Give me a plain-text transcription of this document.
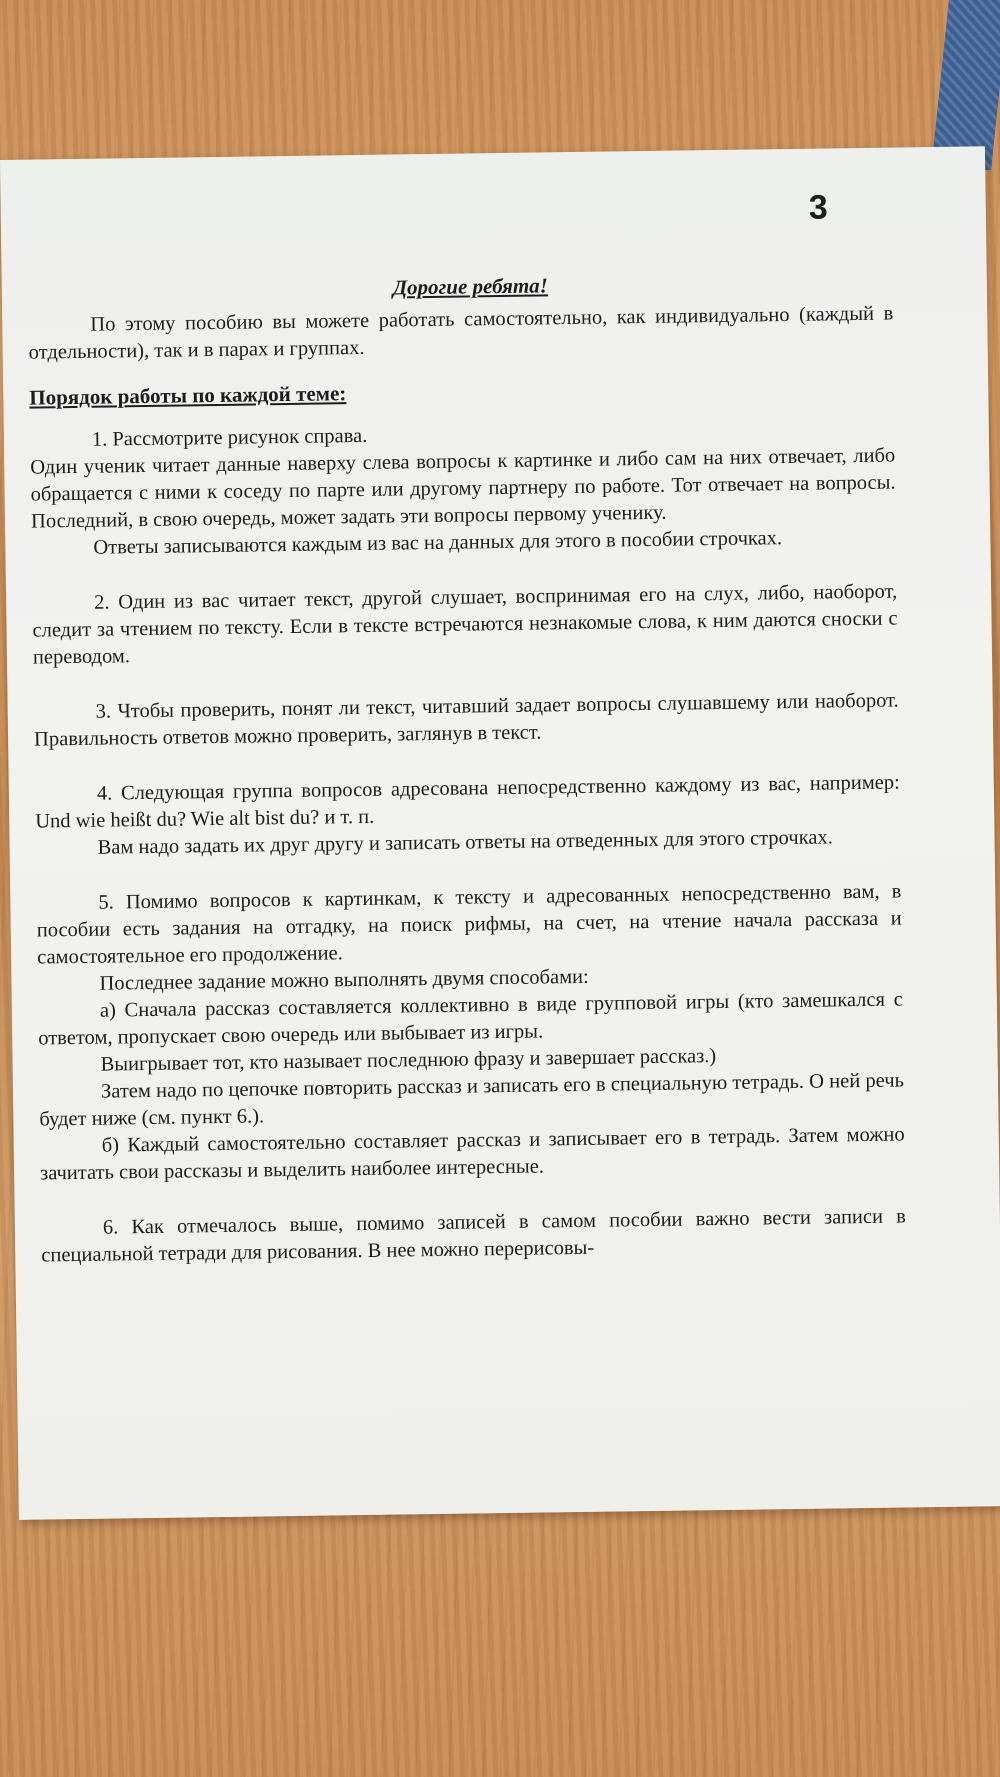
3

Дорогие ребята!

По этому пособию вы можете работать самостоятельно, как индивидуально (каждый в отдельности), так и в парах и группах.

Порядок работы по каждой теме:

1. Рассмотрите рисунок справа.

Один ученик читает данные наверху слева вопросы к картинке и либо сам на них отвечает, либо обращается с ними к соседу по парте или другому партнеру по работе. Тот отвечает на вопросы. Последний, в свою очередь, может задать эти вопросы первому ученику.

Ответы записываются каждым из вас на данных для этого в пособии строчках.

2. Один из вас читает текст, другой слушает, воспринимая его на слух, либо, наоборот, следит за чтением по тексту. Если в тексте встречаются незнакомые слова, к ним даются сноски с переводом.

3. Чтобы проверить, понят ли текст, читавший задает вопросы слушавшему или наоборот. Правильность ответов можно проверить, заглянув в текст.

4. Следующая группа вопросов адресована непосредственно каждому из вас, например: Und wie heißt du? Wie alt bist du? и т. п.

Вам надо задать их друг другу и записать ответы на отведенных для этого строчках.

5. Помимо вопросов к картинкам, к тексту и адресованных непосредственно вам, в пособии есть задания на отгадку, на поиск рифмы, на счет, на чтение начала рассказа и самостоятельное его продолжение.

Последнее задание можно выполнять двумя способами:

а) Сначала рассказ составляется коллективно в виде групповой игры (кто замешкался с ответом, пропускает свою очередь или выбывает из игры.

Выигрывает тот, кто называет последнюю фразу и завершает рассказ.)

Затем надо по цепочке повторить рассказ и записать его в специальную тетрадь. О ней речь будет ниже (см. пункт 6.).

б) Каждый самостоятельно составляет рассказ и записывает его в тетрадь. Затем можно зачитать свои рассказы и выделить наиболее интересные.

6. Как отмечалось выше, помимо записей в самом пособии важно вести записи в специальной тетради для рисования. В нее можно перерисовы-
